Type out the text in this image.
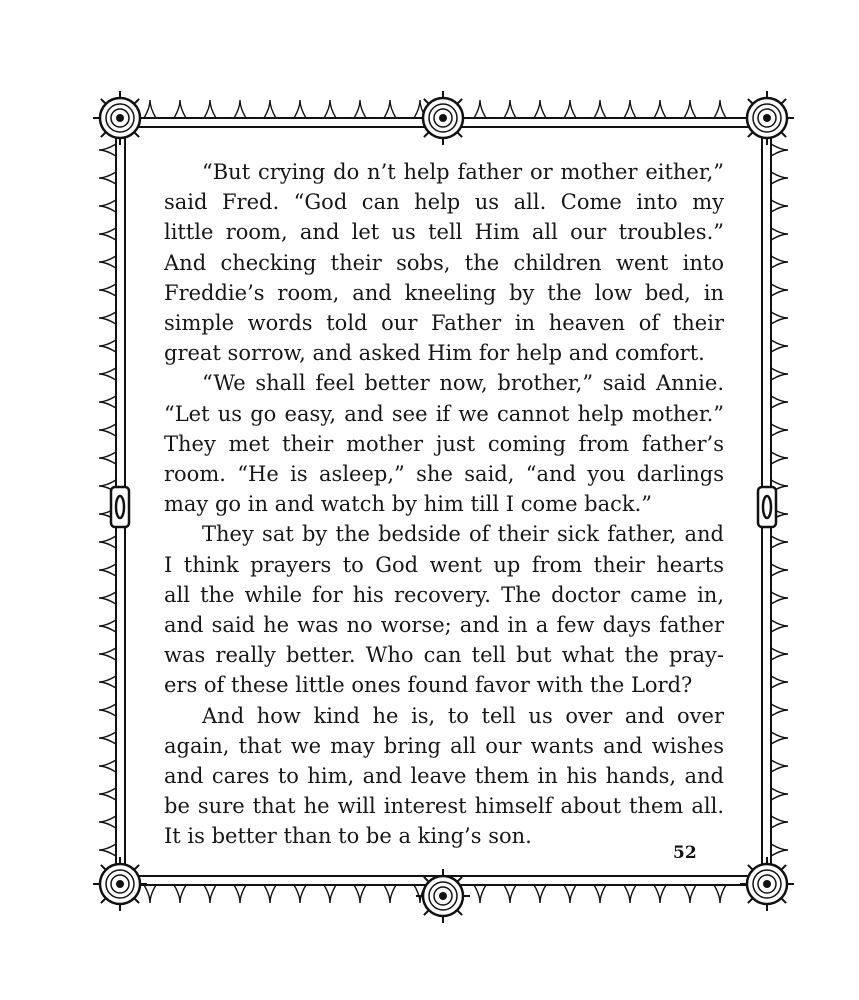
“But crying do n’t help father or mother either,”
said Fred. “God can help us all. Come into my
little room, and let us tell Him all our troubles.”
And checking their sobs, the children went into
Freddie’s room, and kneeling by the low bed, in
simple words told our Father in heaven of their
great sorrow, and asked Him for help and comfort.
“We shall feel better now, brother,” said Annie.
“Let us go easy, and see if we cannot help mother.”
They met their mother just coming from father’s
room. “He is asleep,” she said, “and you darlings
may go in and watch by him till I come back.”
They sat by the bedside of their sick father, and
I think prayers to God went up from their hearts
all the while for his recovery. The doctor came in,
and said he was no worse; and in a few days father
was really better. Who can tell but what the pray-
ers of these little ones found favor with the Lord?
And how kind he is, to tell us over and over
again, that we may bring all our wants and wishes
and cares to him, and leave them in his hands, and
be sure that he will interest himself about them all.
It is better than to be a king’s son.
52
